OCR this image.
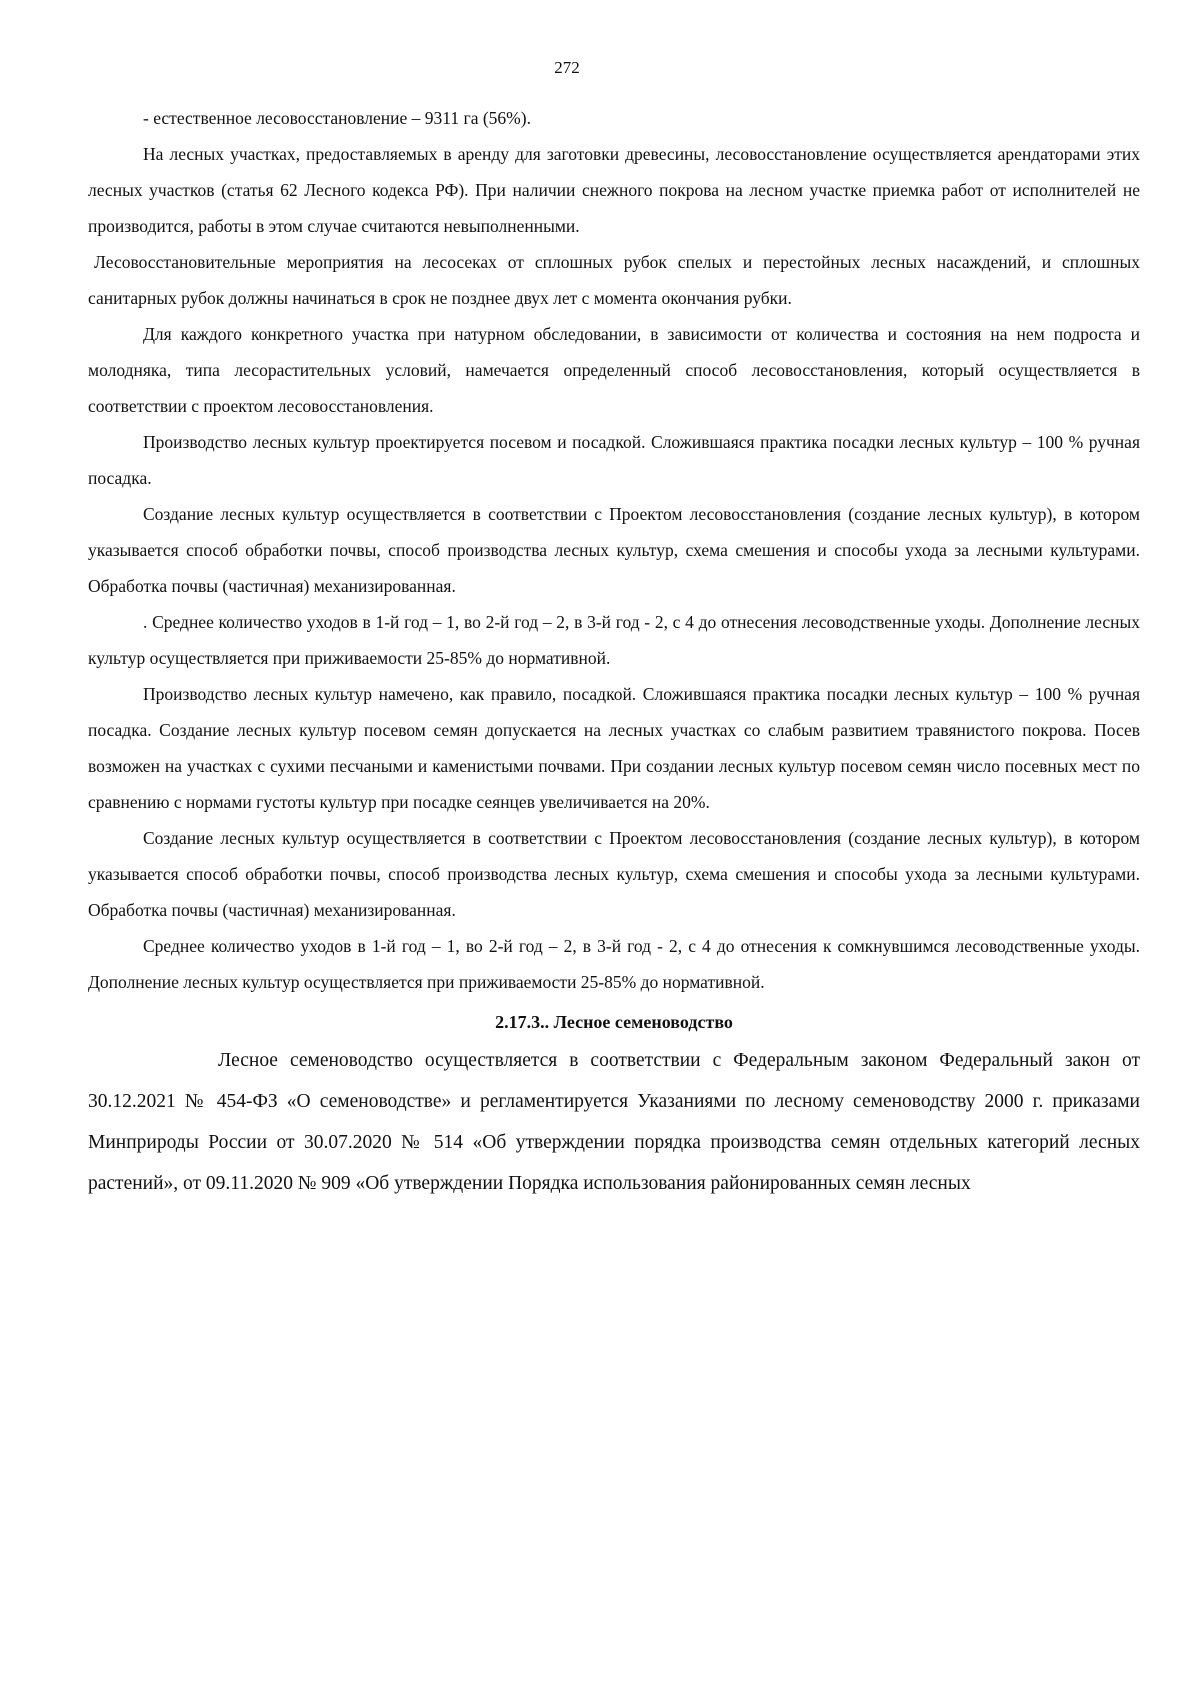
272

- естественное лесовосстановление – 9311 га (56%).

На лесных участках, предоставляемых в аренду для заготовки древесины, лесовосстановление осуществляется арендаторами этих лесных участков (статья 62 Лесного кодекса РФ). При наличии снежного покрова на лесном участке приемка работ от исполнителей не производится, работы в этом случае считаются невыполненными.

Лесовосстановительные мероприятия на лесосеках от сплошных рубок спелых и перестойных лесных насаждений, и сплошных санитарных рубок должны начинаться в срок не позднее двух лет с момента окончания рубки.

Для каждого конкретного участка при натурном обследовании, в зависимости от количества и состояния на нем подроста и молодняка, типа лесорастительных условий, намечается определенный способ лесовосстановления, который осуществляется в соответствии с проектом лесовосстановления.

Производство лесных культур проектируется посевом и посадкой. Сложившаяся практика посадки лесных культур – 100 % ручная посадка.

Создание лесных культур осуществляется в соответствии с Проектом лесовосстановления (создание лесных культур), в котором указывается способ обработки почвы, способ производства лесных культур, схема смешения и способы ухода за лесными культурами. Обработка почвы (частичная) механизированная.

. Среднее количество уходов в 1-й год – 1, во 2-й год – 2, в 3-й год - 2, с 4 до отнесения лесоводственные уходы. Дополнение лесных культур осуществляется при приживаемости 25-85% до нормативной.

Производство лесных культур намечено, как правило, посадкой. Сложившаяся практика посадки лесных культур – 100 % ручная посадка. Создание лесных культур посевом семян допускается на лесных участках со слабым развитием травянистого покрова. Посев возможен на участках с сухими песчаными и каменистыми почвами. При создании лесных культур посевом семян число посевных мест по сравнению с нормами густоты культур при посадке сеянцев увеличивается на 20%.

Создание лесных культур осуществляется в соответствии с Проектом лесовосстановления (создание лесных культур), в котором указывается способ обработки почвы, способ производства лесных культур, схема смешения и способы ухода за лесными культурами. Обработка почвы (частичная) механизированная.

Среднее количество уходов в 1-й год – 1, во 2-й год – 2, в 3-й год - 2, с 4 до отнесения к сомкнувшимся лесоводственные уходы. Дополнение лесных культур осуществляется при приживаемости 25-85% до нормативной.

2.17.3.. Лесное семеноводство

Лесное семеноводство осуществляется в соответствии с Федеральным законом Федеральный закон от 30.12.2021 № 454-ФЗ «О семеноводстве» и регламентируется Указаниями по лесному семеноводству 2000 г. приказами Минприроды России от 30.07.2020 № 514 «Об утверждении порядка производства семян отдельных категорий лесных растений», от 09.11.2020 № 909 «Об утверждении Порядка использования районированных семян лесных
